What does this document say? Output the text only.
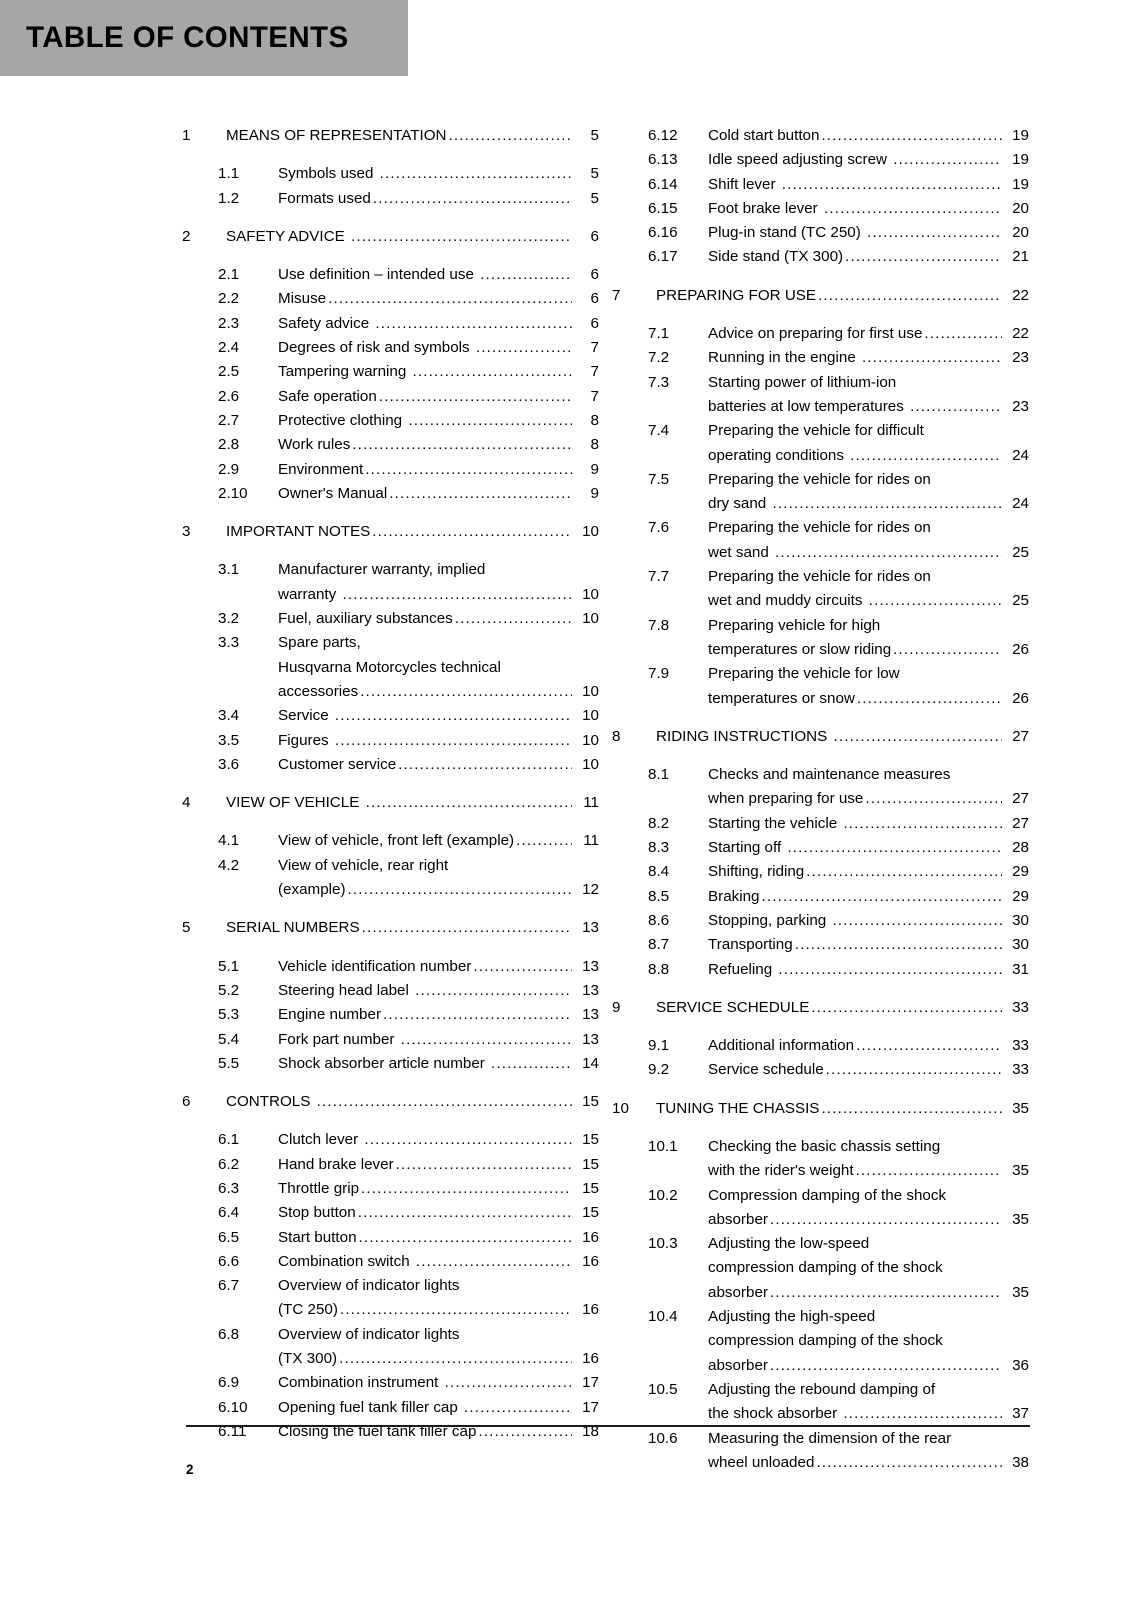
TABLE OF CONTENTS
1	MEANS OF REPRESENTATION .....	5
1.1	Symbols used .....	5
1.2	Formats used .....	5
2	SAFETY ADVICE .....	6
2.1	Use definition – intended use .....	6
2.2	Misuse .....	6
2.3	Safety advice .....	6
2.4	Degrees of risk and symbols .....	7
2.5	Tampering warning .....	7
2.6	Safe operation .....	7
2.7	Protective clothing .....	8
2.8	Work rules .....	8
2.9	Environment .....	9
2.10	Owner's Manual .....	9
3	IMPORTANT NOTES .....	10
3.1	Manufacturer warranty, implied
warranty .....	10
3.2	Fuel, auxiliary substances .....	10
3.3	Spare parts,
Husqvarna Motorcycles technical
accessories .....	10
3.4	Service .....	10
3.5	Figures .....	10
3.6	Customer service .....	10
4	VIEW OF VEHICLE .....	11
4.1	View of vehicle, front left (example) .....	11
4.2	View of vehicle, rear right
(example) .....	12
5	SERIAL NUMBERS .....	13
5.1	Vehicle identification number .....	13
5.2	Steering head label .....	13
5.3	Engine number .....	13
5.4	Fork part number .....	13
5.5	Shock absorber article number .....	14
6	CONTROLS .....	15
6.1	Clutch lever .....	15
6.2	Hand brake lever .....	15
6.3	Throttle grip .....	15
6.4	Stop button .....	15
6.5	Start button .....	16
6.6	Combination switch .....	16
6.7	Overview of indicator lights
(TC 250) .....	16
6.8	Overview of indicator lights
(TX 300) .....	16
6.9	Combination instrument .....	17
6.10	Opening fuel tank filler cap .....	17
6.11	Closing the fuel tank filler cap .....	18
6.12	Cold start button .....	19
6.13	Idle speed adjusting screw .....	19
6.14	Shift lever .....	19
6.15	Foot brake lever .....	20
6.16	Plug-in stand (TC 250) .....	20
6.17	Side stand (TX 300) .....	21
7	PREPARING FOR USE .....	22
7.1	Advice on preparing for first use .....	22
7.2	Running in the engine .....	23
7.3	Starting power of lithium-ion
batteries at low temperatures .....	23
7.4	Preparing the vehicle for difficult
operating conditions .....	24
7.5	Preparing the vehicle for rides on
dry sand .....	24
7.6	Preparing the vehicle for rides on
wet sand .....	25
7.7	Preparing the vehicle for rides on
wet and muddy circuits .....	25
7.8	Preparing vehicle for high
temperatures or slow riding .....	26
7.9	Preparing the vehicle for low
temperatures or snow .....	26
8	RIDING INSTRUCTIONS .....	27
8.1	Checks and maintenance measures
when preparing for use .....	27
8.2	Starting the vehicle .....	27
8.3	Starting off .....	28
8.4	Shifting, riding .....	29
8.5	Braking .....	29
8.6	Stopping, parking .....	30
8.7	Transporting .....	30
8.8	Refueling .....	31
9	SERVICE SCHEDULE .....	33
9.1	Additional information .....	33
9.2	Service schedule .....	33
10	TUNING THE CHASSIS .....	35
10.1	Checking the basic chassis setting
with the rider's weight .....	35
10.2	Compression damping of the shock
absorber .....	35
10.3	Adjusting the low-speed
compression damping of the shock
absorber .....	35
10.4	Adjusting the high-speed
compression damping of the shock
absorber .....	36
10.5	Adjusting the rebound damping of
the shock absorber .....	37
10.6	Measuring the dimension of the rear
wheel unloaded .....	38
2
